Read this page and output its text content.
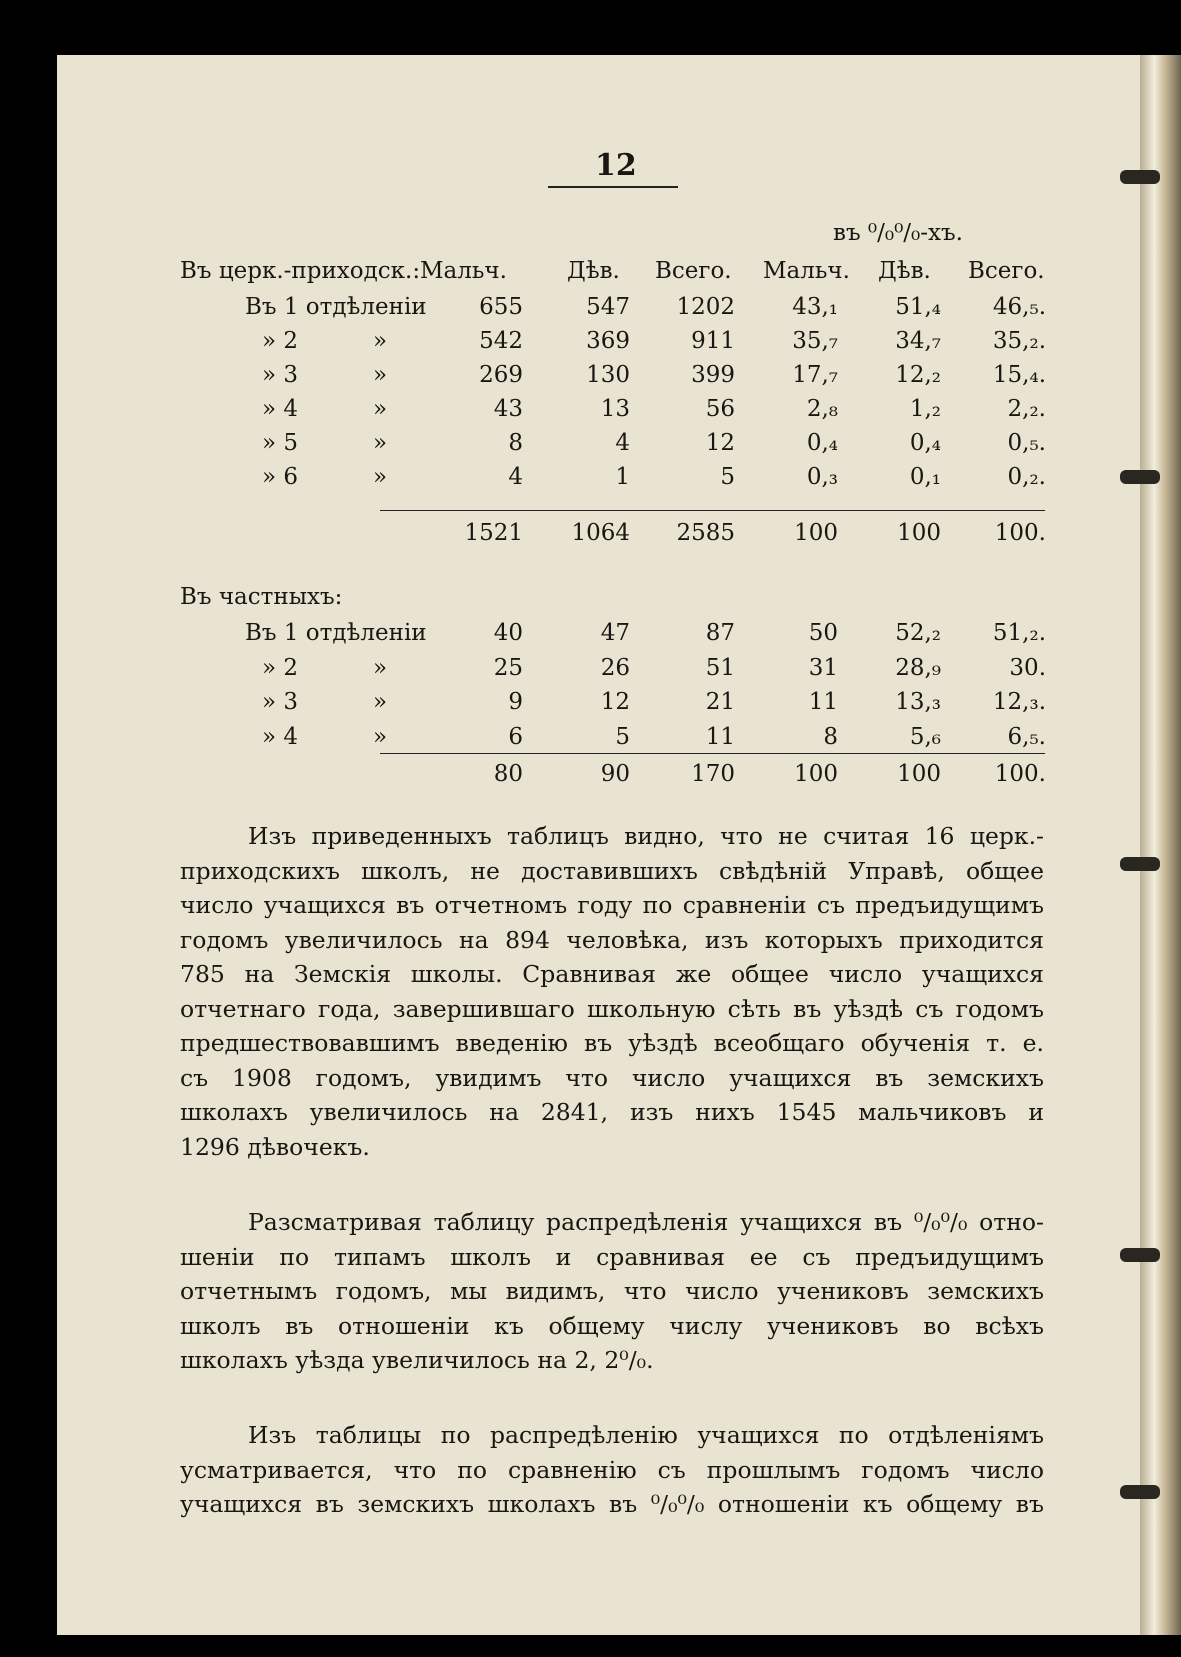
12
въ ⁰/₀⁰/₀-хъ.
Въ церк.-приходск.: Мальч.	Дѣв. Всего. Мальч. Дѣв. Всего.
Въ 1 отдѣленіи 655	547 1202 43,₁ 51,₄ 46,₅.
» 2	»	542	369	911 35,₇ 34,₇ 35,₂.
» 3	»	269	130	399 17,₇ 12,₂ 15,₄.
» 4	»	43	13	56	2,₈	1,₂	2,₂.
» 5	»	8	4	12	0,₄	0,₄	0,₅.
» 6	»	4	1	5	0,₃	0,₁	0,₂.
1521 1064 2585	100	100 100.
Въ частныхъ:
Въ 1 отдѣленіи	40	47	87	50 52,₂ 51,₂.
» 2	»	25	26	51	31 28,₉	30.
» 3	»	9	12	21	11 13,₃ 12,₃.
» 4	»	6	5	11	8	5,₆	6,₅.
80	90	170	100	100 100.

Изъ приведенныхъ таблицъ видно, что не считая 16 церк.-

приходскихъ школъ, не доставившихъ свѣдѣній Управѣ, общее

число учащихся въ отчетномъ году по сравненіи съ предъидущимъ

годомъ увеличилось на 894 человѣка, изъ которыхъ приходится

785 на Земскія школы. Сравнивая же общее число учащихся

отчетнаго года, завершившаго школьную сѣть въ уѣздѣ съ годомъ

предшествовавшимъ введенію въ уѣздѣ всеобщаго обученія т. е.

съ 1908 годомъ, увидимъ что число учащихся въ земскихъ

школахъ увеличилось на 2841, изъ нихъ 1545 мальчиковъ и

1296 дѣвочекъ.

Разсматривая таблицу распредѣленія учащихся въ ⁰/₀⁰/₀ отно-

шеніи по типамъ школъ и сравнивая ее съ предъидущимъ

отчетнымъ годомъ, мы видимъ, что число учениковъ земскихъ

школъ въ отношеніи къ общему числу учениковъ во всѣхъ

школахъ уѣзда увеличилось на 2, 2⁰/₀.

Изъ таблицы по распредѣленію учащихся по отдѣленіямъ

усматривается, что по сравненію съ прошлымъ годомъ число

учащихся въ земскихъ школахъ въ ⁰/₀⁰/₀ отношеніи къ общему въ
